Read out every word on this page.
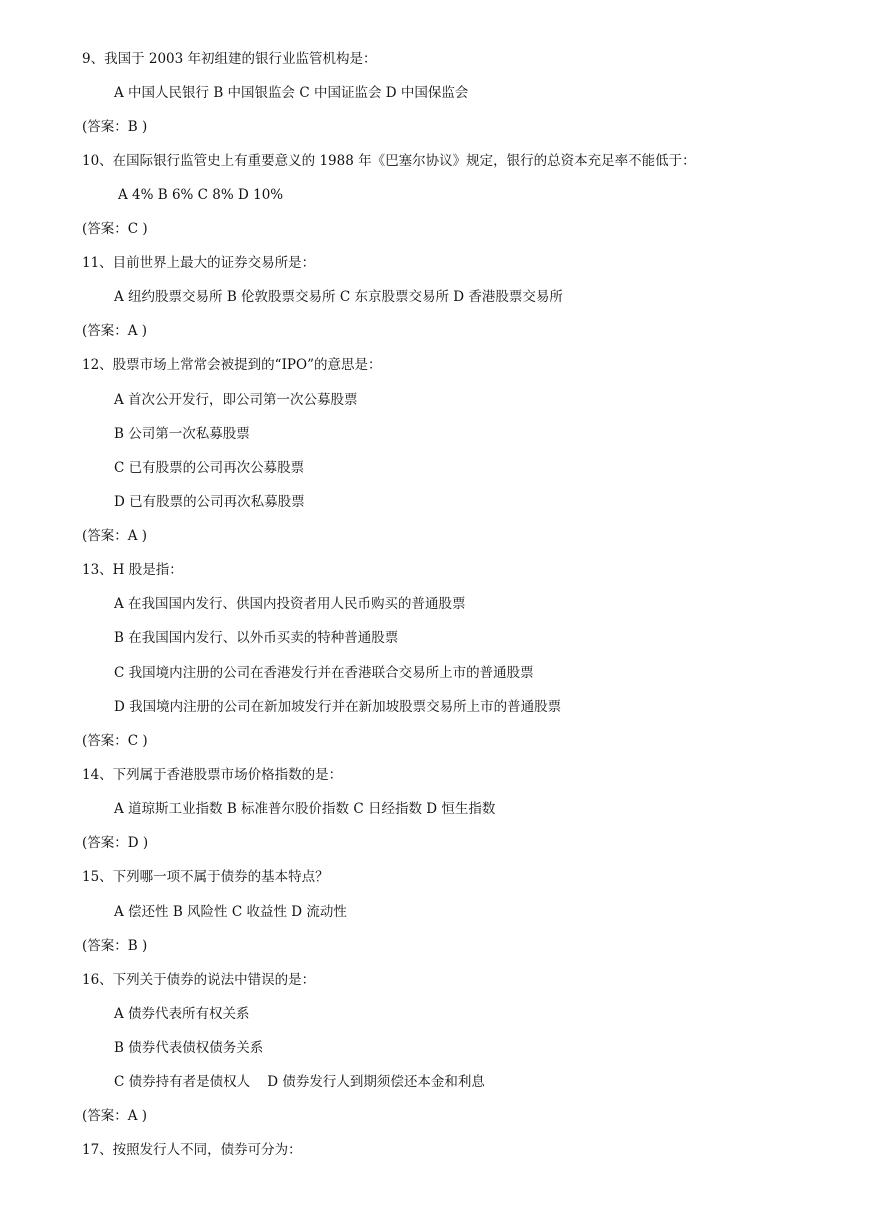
9、我国于 2003 年初组建的银行业监管机构是：
A 中国人民银行 B 中国银监会 C 中国证监会 D 中国保监会
(答案：B )
10、在国际银行监管史上有重要意义的 1988 年《巴塞尔协议》规定，银行的总资本充足率不能低于：
A 4% B 6% C 8% D 10%
(答案：C )
11、目前世界上最大的证券交易所是：
A 纽约股票交易所 B 伦敦股票交易所 C 东京股票交易所 D 香港股票交易所
(答案：A )
12、股票市场上常常会被提到的“IPO”的意思是：
A 首次公开发行，即公司第一次公募股票
B 公司第一次私募股票
C 已有股票的公司再次公募股票
D 已有股票的公司再次私募股票
(答案：A )
13、H 股是指：
A 在我国国内发行、供国内投资者用人民币购买的普通股票
B 在我国国内发行、以外币买卖的特种普通股票
C 我国境内注册的公司在香港发行并在香港联合交易所上市的普通股票
D 我国境内注册的公司在新加坡发行并在新加坡股票交易所上市的普通股票
(答案：C )
14、下列属于香港股票市场价格指数的是：
A 道琼斯工业指数 B 标准普尔股价指数 C 日经指数 D 恒生指数
(答案：D )
15、下列哪一项不属于债券的基本特点？
A 偿还性 B 风险性 C 收益性 D 流动性
(答案：B )
16、下列关于债券的说法中错误的是：
A 债券代表所有权关系
B 债券代表债权债务关系
C 债券持有者是债权人    D 债券发行人到期须偿还本金和利息
(答案：A )
17、按照发行人不同，债券可分为：
